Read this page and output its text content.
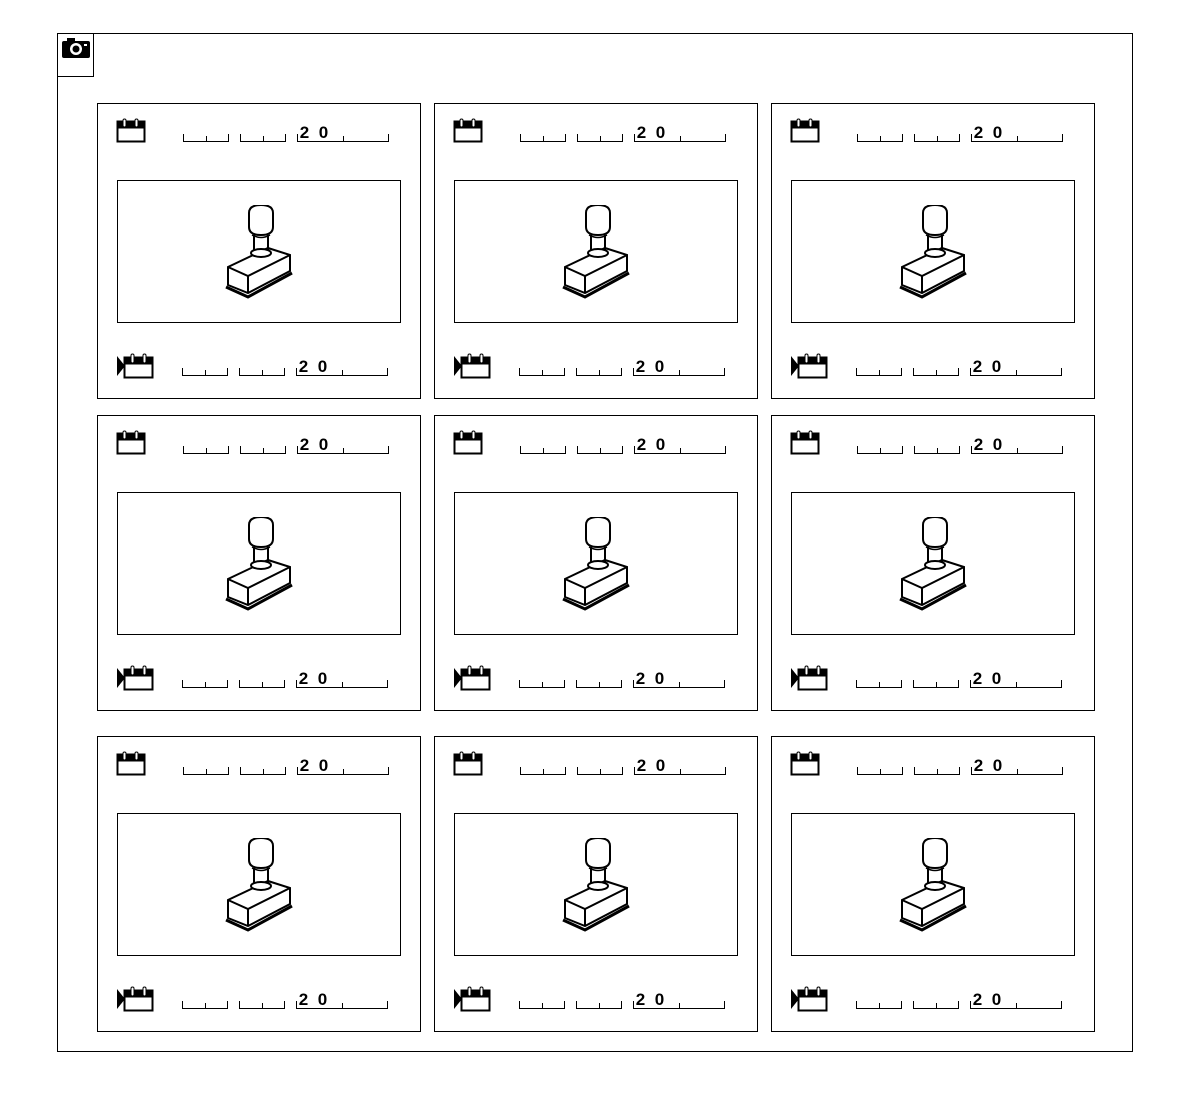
20
20
20
20
20
20
20
20
20
20
20
20
20
20
20
20
20
20
